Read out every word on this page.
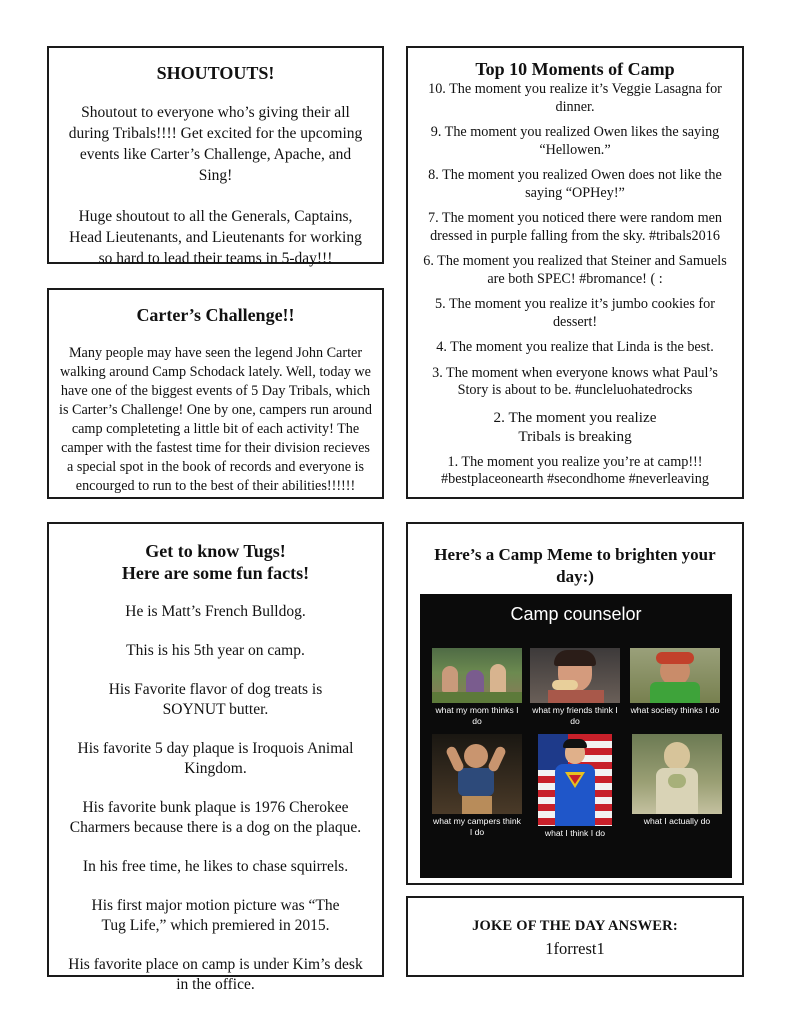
SHOUTOUTS!

Shoutout to everyone who’s giving their all during Tribals!!!! Get excited for the upcoming events like Carter’s Challenge, Apache, and Sing!

Huge shoutout to all the Generals, Captains, Head Lieutenants, and Lieutenants for working so hard to lead their teams in 5-day!!!

Carter’s Challenge!!

Many people may have seen the legend John Carter walking around Camp Schodack lately. Well, today we have one of the biggest events of 5 Day Tribals, which is Carter’s Challenge! One by one, campers run around camp completeting a little bit of each activity! The camper with the fastest time for their division recieves a special spot in the book of records and everyone is encourged to run to the best of their abilities!!!!!!

Top 10 Moments of Camp

10. The moment you realize it’s Veggie Lasagna for dinner.

9. The moment you realized Owen likes the saying “Hellowen.”

8. The moment you realized Owen does not like the saying “OPHey!”

7. The moment you noticed there were random men dressed in purple falling from the sky. #tribals2016

6. The moment you realized that Steiner and Samuels are both SPEC! #bromance! ( :

5. The moment you realize it’s jumbo cookies for dessert!

4. The moment you realize that Linda is the best.

3. The moment when everyone knows what Paul’s Story is about to be. #uncleluohatedrocks

2. The moment you realize Tribals is breaking

1. The moment you realize you’re at camp!!! #bestplaceonearth #secondhome #neverleaving

Get to know Tugs!
Here are some fun facts!

He is Matt’s French Bulldog.

This is his 5th year on camp.

His Favorite flavor of dog treats is SOYNUT butter.

His favorite 5 day plaque is Iroquois Animal Kingdom.

His favorite bunk plaque is 1976 Cherokee Charmers because there is a dog on the plaque.

In his free time, he likes to chase squirrels.

His first major motion picture was “The Tug Life,” which premiered in 2015.

His favorite place on camp is under Kim’s desk in the office.

Here’s a Camp Meme to brighten your day:)
Camp counselor
what my mom thinks I do
what my friends think I do
what society thinks I do
what my campers think I do	what I think I do
what I actually do
JOKE OF THE DAY ANSWER:
1forrest1
